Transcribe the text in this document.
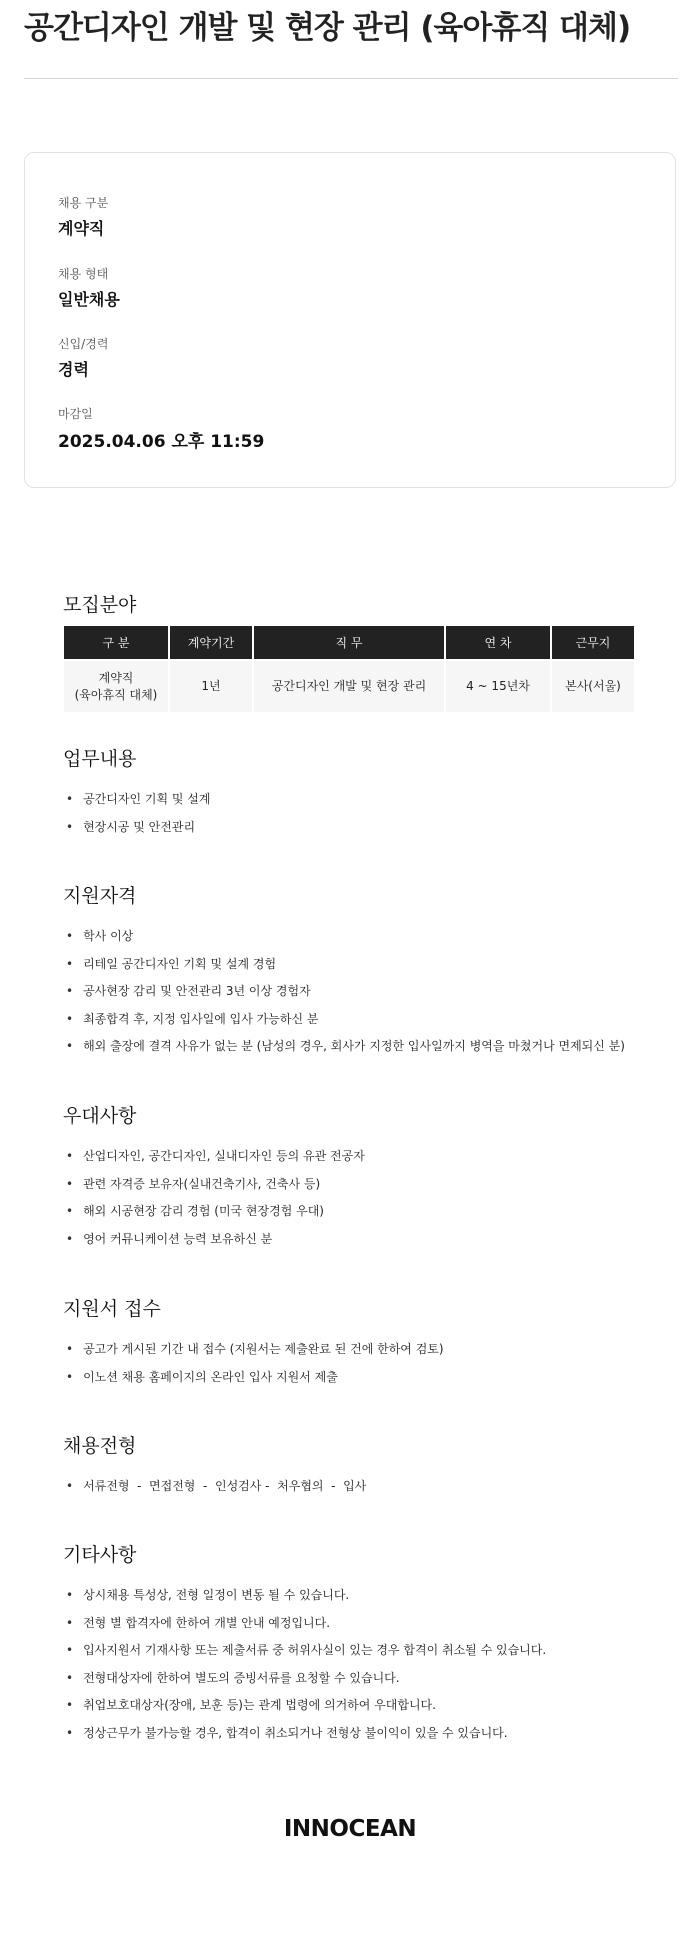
공간디자인 개발 및 현장 관리 (육아휴직 대체)
채용 구분
계약직
채용 형태
일반채용
신입/경력
경력
마감일
2025.04.06 오후 11:59
모집분야
구 분	계약기간	직 무	연 차	근무지
계약직
(육아휴직 대체)	1년	공간디자인 개발 및 현장 관리	4 ~ 15년차	본사(서울)
업무내용
• 공간디자인 기획 및 설계
• 현장시공 및 안전관리
지원자격
• 학사 이상
• 리테일 공간디자인 기획 및 설계 경험
• 공사현장 감리 및 안전관리 3년 이상 경험자
• 최종합격 후, 지정 입사일에 입사 가능하신 분
• 해외 출장에 결격 사유가 없는 분 (남성의 경우, 회사가 지정한 입사일까지 병역을 마쳤거나 면제되신 분)
우대사항
• 산업디자인, 공간디자인, 실내디자인 등의 유관 전공자
• 관련 자격증 보유자(실내건축기사, 건축사 등)
• 해외 시공현장 감리 경험 (미국 현장경험 우대)
• 영어 커뮤니케이션 능력 보유하신 분
지원서 접수
• 공고가 게시된 기간 내 접수 (지원서는 제출완료 된 건에 한하여 검토)
• 이노션 채용 홈페이지의 온라인 입사 지원서 제출
채용전형
• 서류전형  -  면접전형  -  인성검사 -  처우협의  -  입사
기타사항
• 상시채용 특성상, 전형 일정이 변동 될 수 있습니다.
• 전형 별 합격자에 한하여 개별 안내 예정입니다.
• 입사지원서 기재사항 또는 제출서류 중 허위사실이 있는 경우 합격이 취소될 수 있습니다.
• 전형대상자에 한하여 별도의 증빙서류를 요청할 수 있습니다.
• 취업보호대상자(장애, 보훈 등)는 관계 법령에 의거하여 우대합니다.
• 정상근무가 불가능할 경우, 합격이 취소되거나 전형상 불이익이 있을 수 있습니다.
INNOCEAN
